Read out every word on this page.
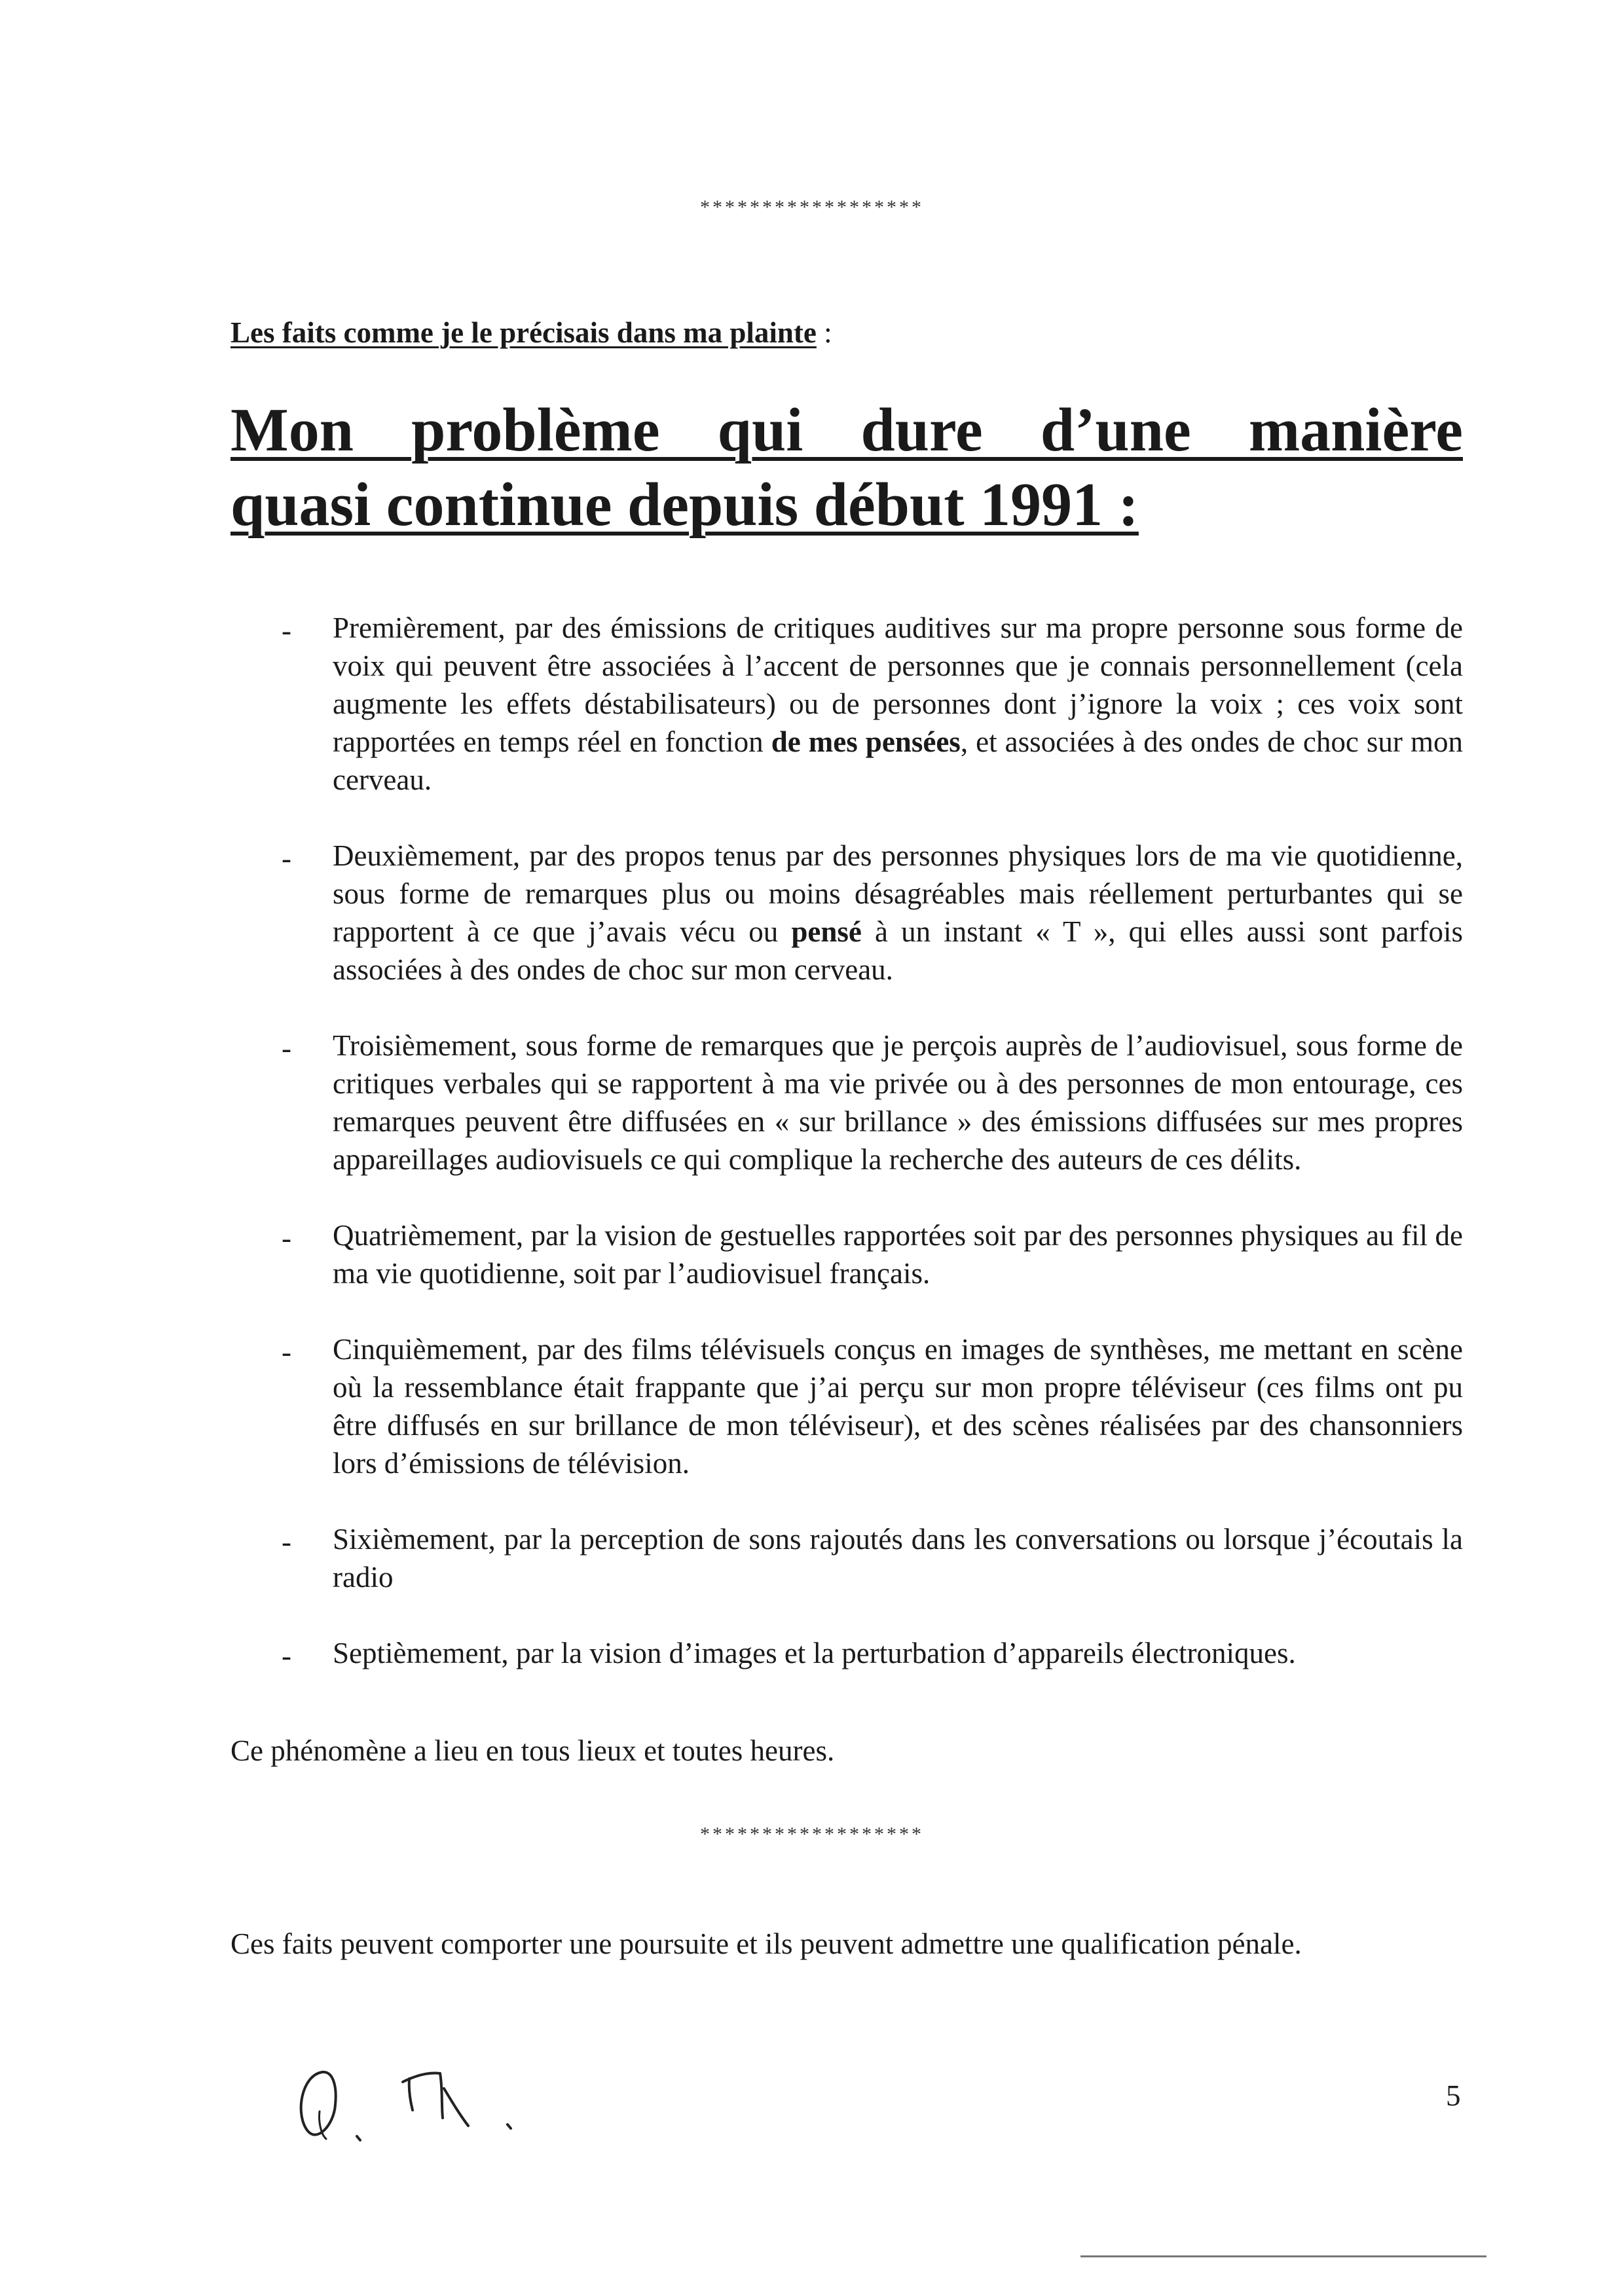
******************
Les faits comme je le précisais dans ma plainte :
Mon problème qui dure d’une manière
quasi continue depuis début 1991 :
- Premièrement, par des émissions de critiques auditives sur ma propre personne sous forme de voix qui peuvent être associées à l’accent de personnes que je connais personnellement (cela augmente les effets déstabilisateurs) ou de personnes dont j’ignore la voix ; ces voix sont rapportées en temps réel en fonction de mes pensées, et associées à des ondes de choc sur mon cerveau.
- Deuxièmement, par des propos tenus par des personnes physiques lors de ma vie quotidienne, sous forme de remarques plus ou moins désagréables mais réellement perturbantes qui se rapportent à ce que j’avais vécu ou pensé à un instant « T », qui elles aussi sont parfois associées à des ondes de choc sur mon cerveau.
- Troisièmement, sous forme de remarques que je perçois auprès de l’audiovisuel, sous forme de critiques verbales qui se rapportent à ma vie privée ou à des personnes de mon entourage, ces remarques peuvent être diffusées en « sur brillance » des émissions diffusées sur mes propres appareillages audiovisuels ce qui complique la recherche des auteurs de ces délits.
- Quatrièmement, par la vision de gestuelles rapportées soit par des personnes physiques au fil de ma vie quotidienne, soit par l’audiovisuel français.
- Cinquièmement, par des films télévisuels conçus en images de synthèses, me mettant en scène où la ressemblance était frappante que j’ai perçu sur mon propre téléviseur (ces films ont pu être diffusés en sur brillance de mon téléviseur), et des scènes réalisées par des chansonniers lors d’émissions de télévision.
- Sixièmement, par la perception de sons rajoutés dans les conversations ou lorsque j’écoutais la radio
- Septièmement, par la vision d’images et la perturbation d’appareils électroniques.
Ce phénomène a lieu en tous lieux et toutes heures.
******************
Ces faits peuvent comporter une poursuite et ils peuvent admettre une qualification pénale.
5
